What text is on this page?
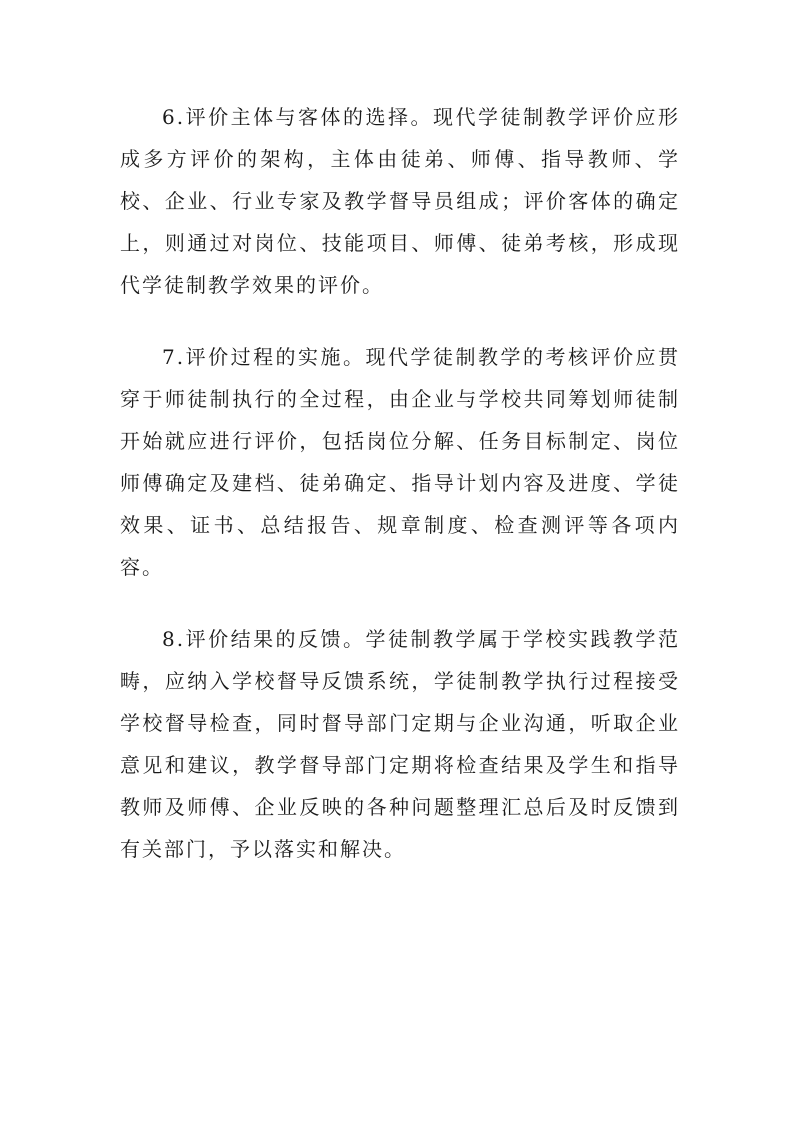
6.评价主体与客体的选择。现代学徒制教学评价应形成多方评价的架构，主体由徒弟、师傅、指导教师、学校、企业、行业专家及教学督导员组成；评价客体的确定上，则通过对岗位、技能项目、师傅、徒弟考核，形成现代学徒制教学效果的评价。

7.评价过程的实施。现代学徒制教学的考核评价应贯穿于师徒制执行的全过程，由企业与学校共同筹划师徒制开始就应进行评价，包括岗位分解、任务目标制定、岗位师傅确定及建档、徒弟确定、指导计划内容及进度、学徒效果、证书、总结报告、规章制度、检查测评等各项内容。

8.评价结果的反馈。学徒制教学属于学校实践教学范畴，应纳入学校督导反馈系统，学徒制教学执行过程接受学校督导检查，同时督导部门定期与企业沟通，听取企业意见和建议，教学督导部门定期将检查结果及学生和指导教师及师傅、企业反映的各种问题整理汇总后及时反馈到有关部门，予以落实和解决。
